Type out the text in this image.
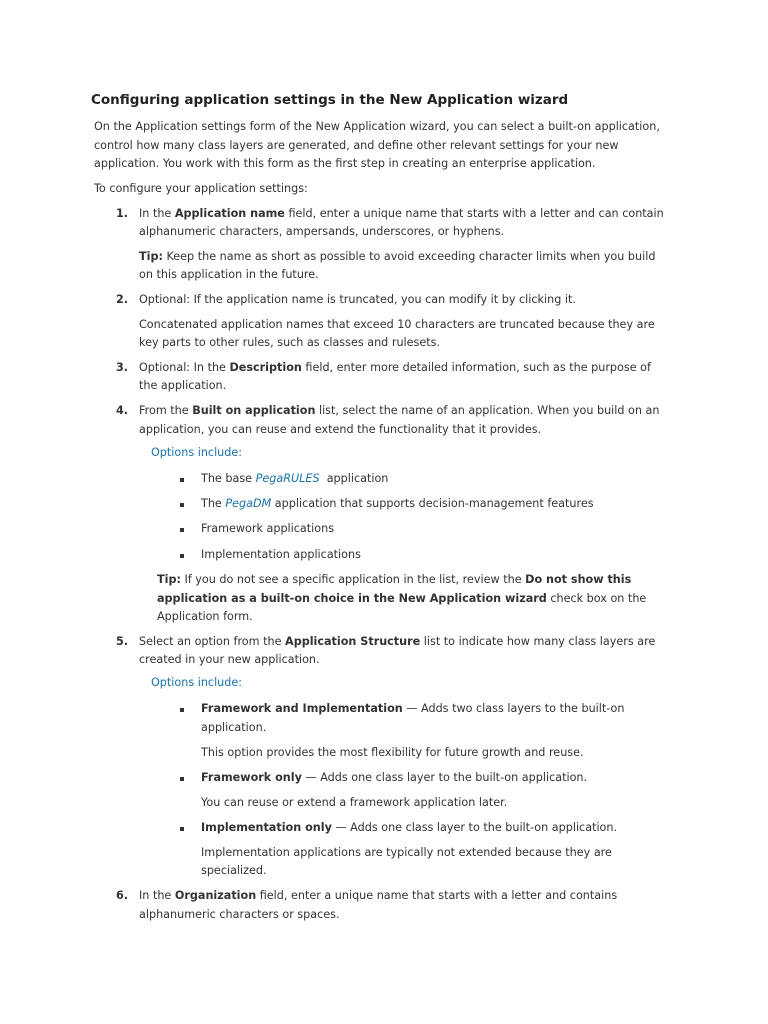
Configuring application settings in the New Application wizard

On the Application settings form of the New Application wizard, you can select a built-on application, control how many class layers are generated, and define other relevant settings for your new application. You work with this form as the first step in creating an enterprise application.

To configure your application settings:

1. In the Application name field, enter a unique name that starts with a letter and can contain

alphanumeric characters, ampersands, underscores, or hyphens.

Tip: Keep the name as short as possible to avoid exceeding character limits when you build

on this application in the future.

2. Optional: If the application name is truncated, you can modify it by clicking it.

Concatenated application names that exceed 10 characters are truncated because they are

key parts to other rules, such as classes and rulesets.

3. Optional: In the Description field, enter more detailed information, such as the purpose of

the application.

4. From the Built on application list, select the name of an application. When you build on an

application, you can reuse and extend the functionality that it provides.

Options include:

The base PegaRULES application

The PegaDM application that supports decision-management features

Framework applications

Implementation applications

Tip: If you do not see a specific application in the list, review the Do not show this

application as a built-on choice in the New Application wizard check box on the

Application form.

5. Select an option from the Application Structure list to indicate how many class layers are

created in your new application.

Options include:

Framework and Implementation — Adds two class layers to the built-on

application.

This option provides the most flexibility for future growth and reuse.

Framework only — Adds one class layer to the built-on application.

You can reuse or extend a framework application later.

Implementation only — Adds one class layer to the built-on application.

Implementation applications are typically not extended because they are

specialized.

6. In the Organization field, enter a unique name that starts with a letter and contains

alphanumeric characters or spaces.
